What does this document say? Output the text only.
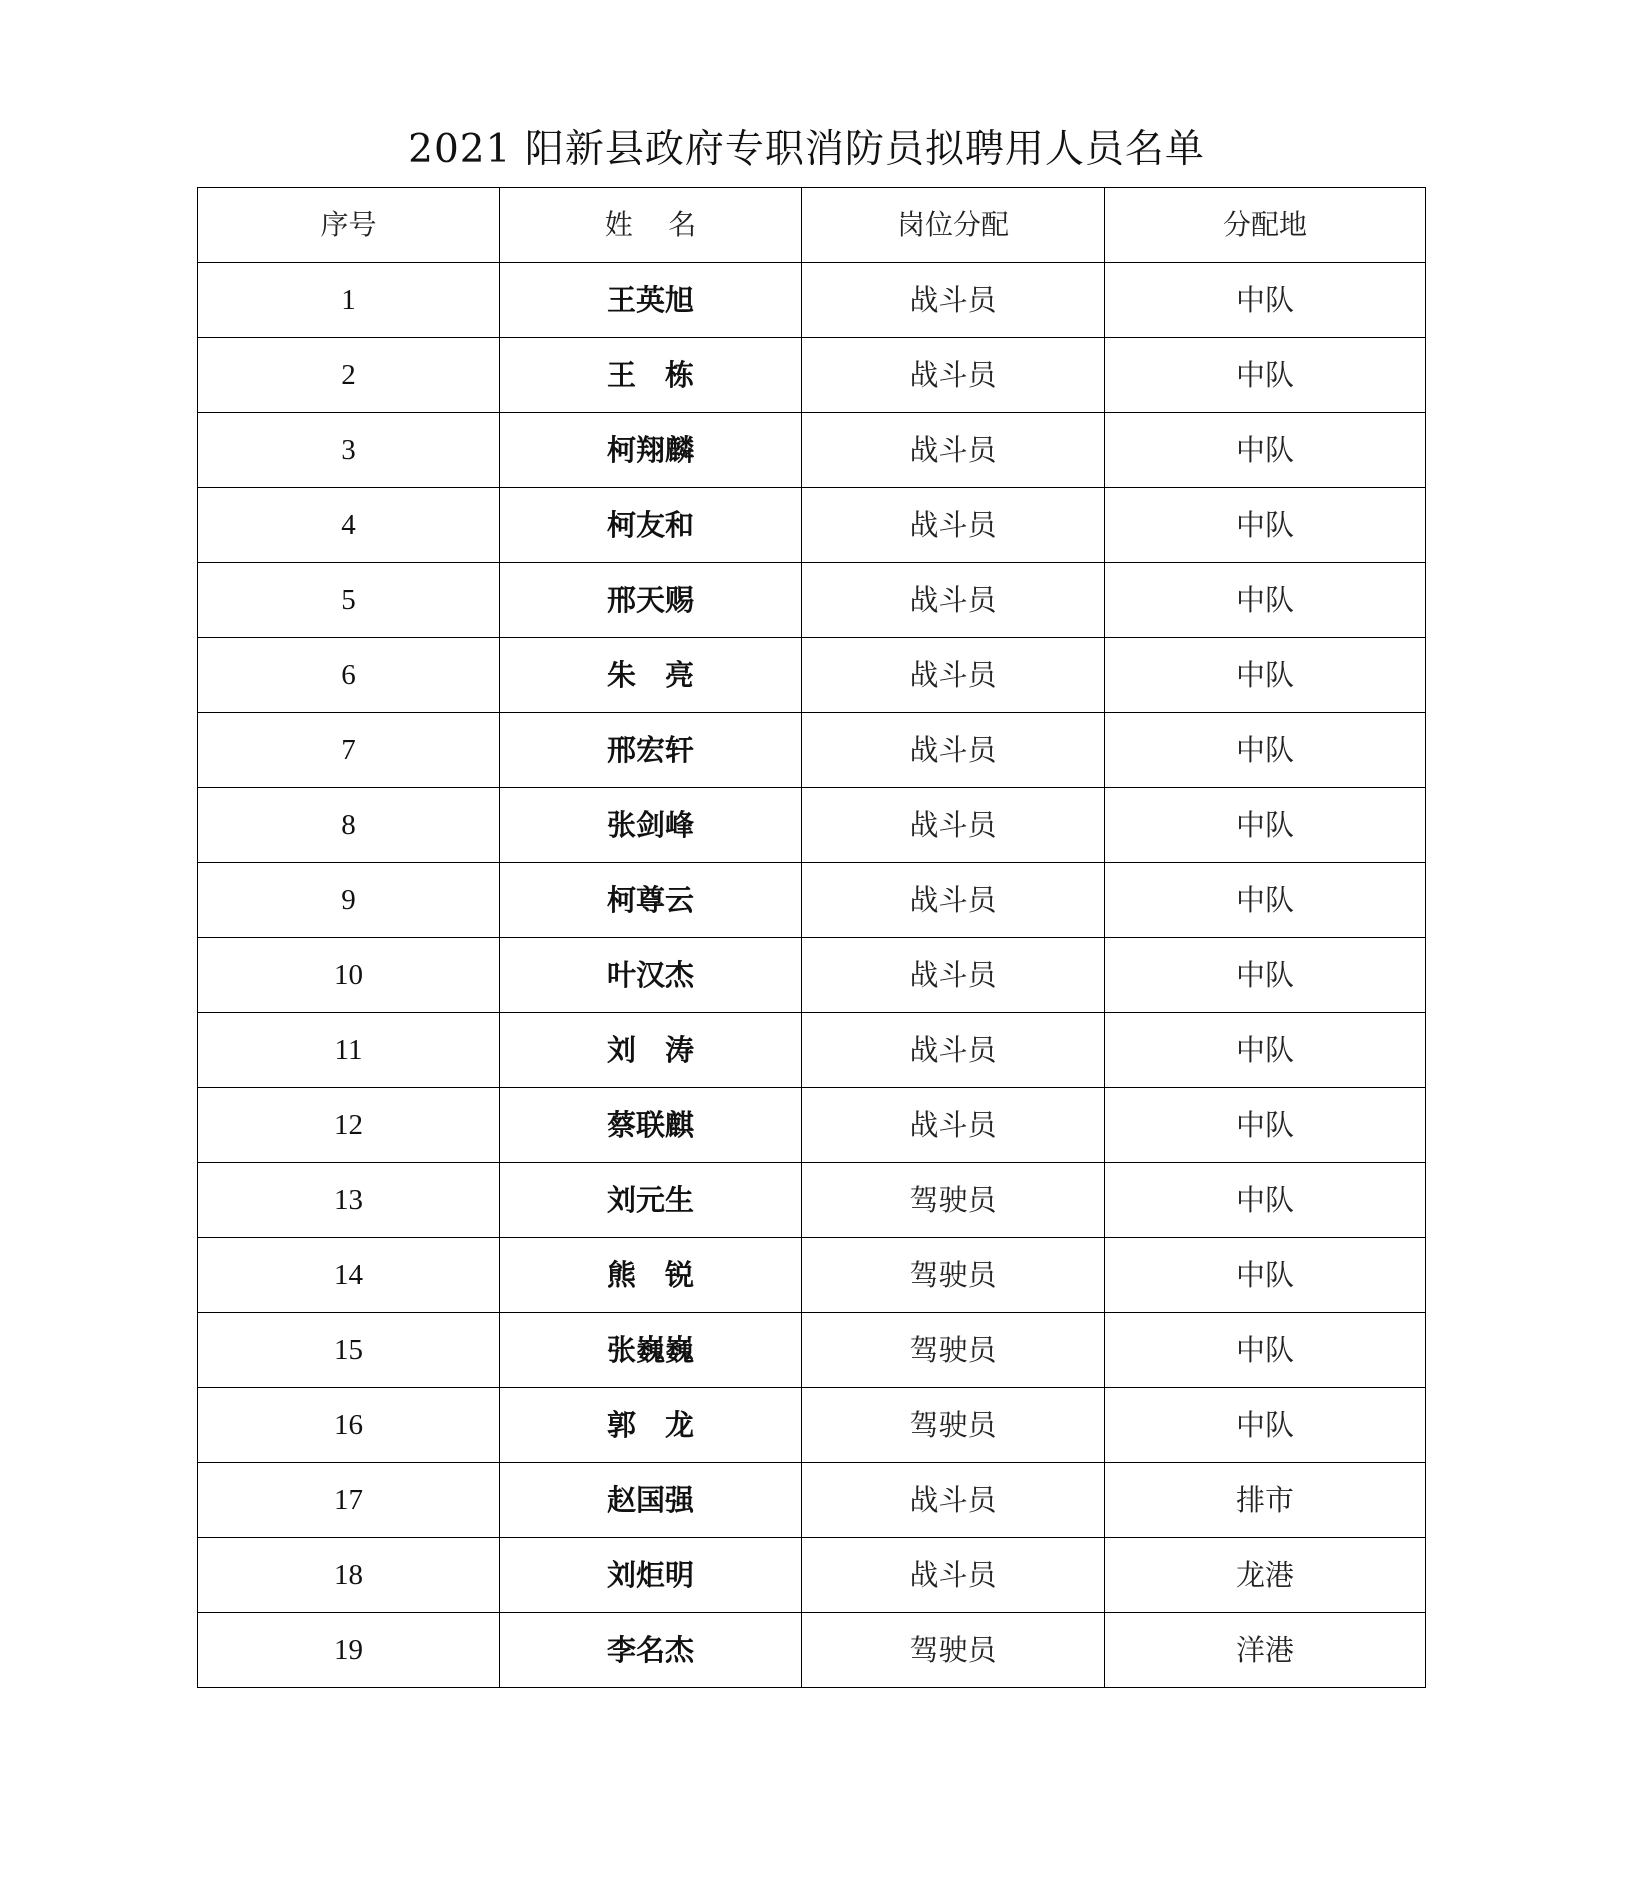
2021 阳新县政府专职消防员拟聘用人员名单
序号	姓    名	岗位分配	分配地
1	王英旭	战斗员	中队
2	王　栋	战斗员	中队
3	柯翔麟	战斗员	中队
4	柯友和	战斗员	中队
5	邢天赐	战斗员	中队
6	朱　亮	战斗员	中队
7	邢宏轩	战斗员	中队
8	张剑峰	战斗员	中队
9	柯尊云	战斗员	中队
10	叶汉杰	战斗员	中队
11	刘　涛	战斗员	中队
12	蔡联麒	战斗员	中队
13	刘元生	驾驶员	中队
14	熊　锐	驾驶员	中队
15	张巍巍	驾驶员	中队
16	郭　龙	驾驶员	中队
17	赵国强	战斗员	排市
18	刘炬明	战斗员	龙港
19	李名杰	驾驶员	洋港
